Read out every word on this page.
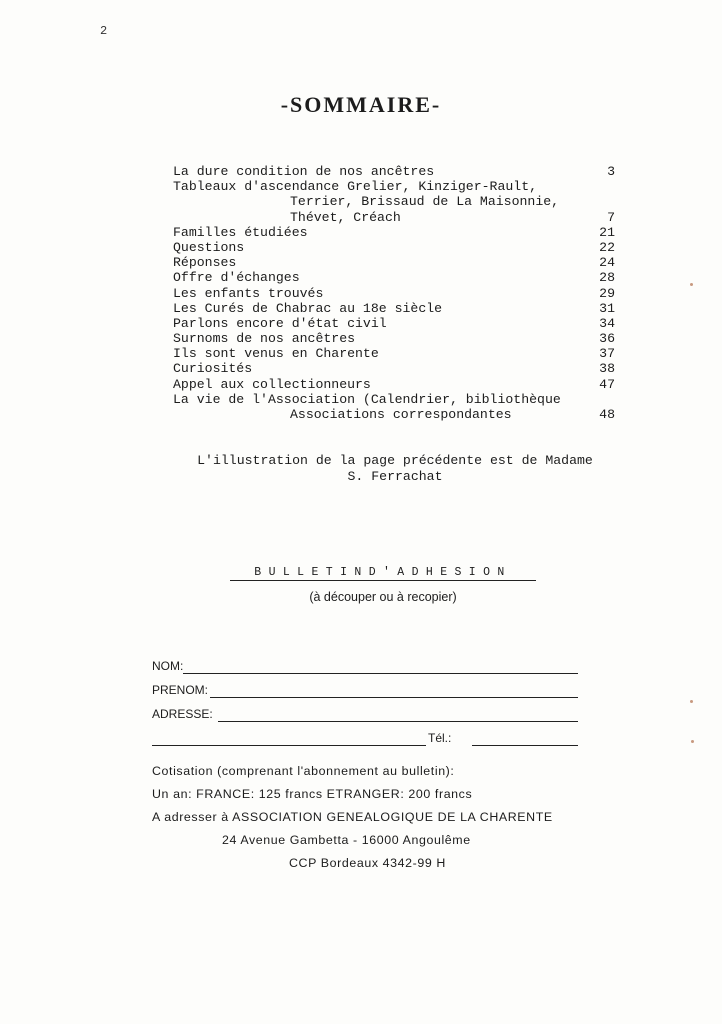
2
-SOMMAIRE-
La dure condition de nos ancêtres	3
Tableaux d'ascendance Grelier, Kinziger-Rault,
Terrier, Brissaud de La Maisonnie,
Thévet, Créach	7
Familles étudiées	21
Questions	22
Réponses	24
Offre d'échanges	28
Les enfants trouvés	29
Les Curés de Chabrac au 18e siècle	31
Parlons encore d'état civil	34
Surnoms de nos ancêtres	36
Ils sont venus en Charente	37
Curiosités	38
Appel aux collectionneurs	47
La vie de l'Association (Calendrier, bibliothèque
Associations correspondantes	48
L'illustration de la page précédente est de Madame
S. Ferrachat
BULLETIND'ADHESION
(à découper ou à recopier)
NOM:
PRENOM:
ADRESSE:
Tél.:
Cotisation (comprenant l'abonnement au bulletin):
Un an: FRANCE: 125 francs ETRANGER: 200 francs
A adresser à ASSOCIATION GENEALOGIQUE DE LA CHARENTE
24 Avenue Gambetta - 16000 Angoulême
CCP Bordeaux 4342-99 H
